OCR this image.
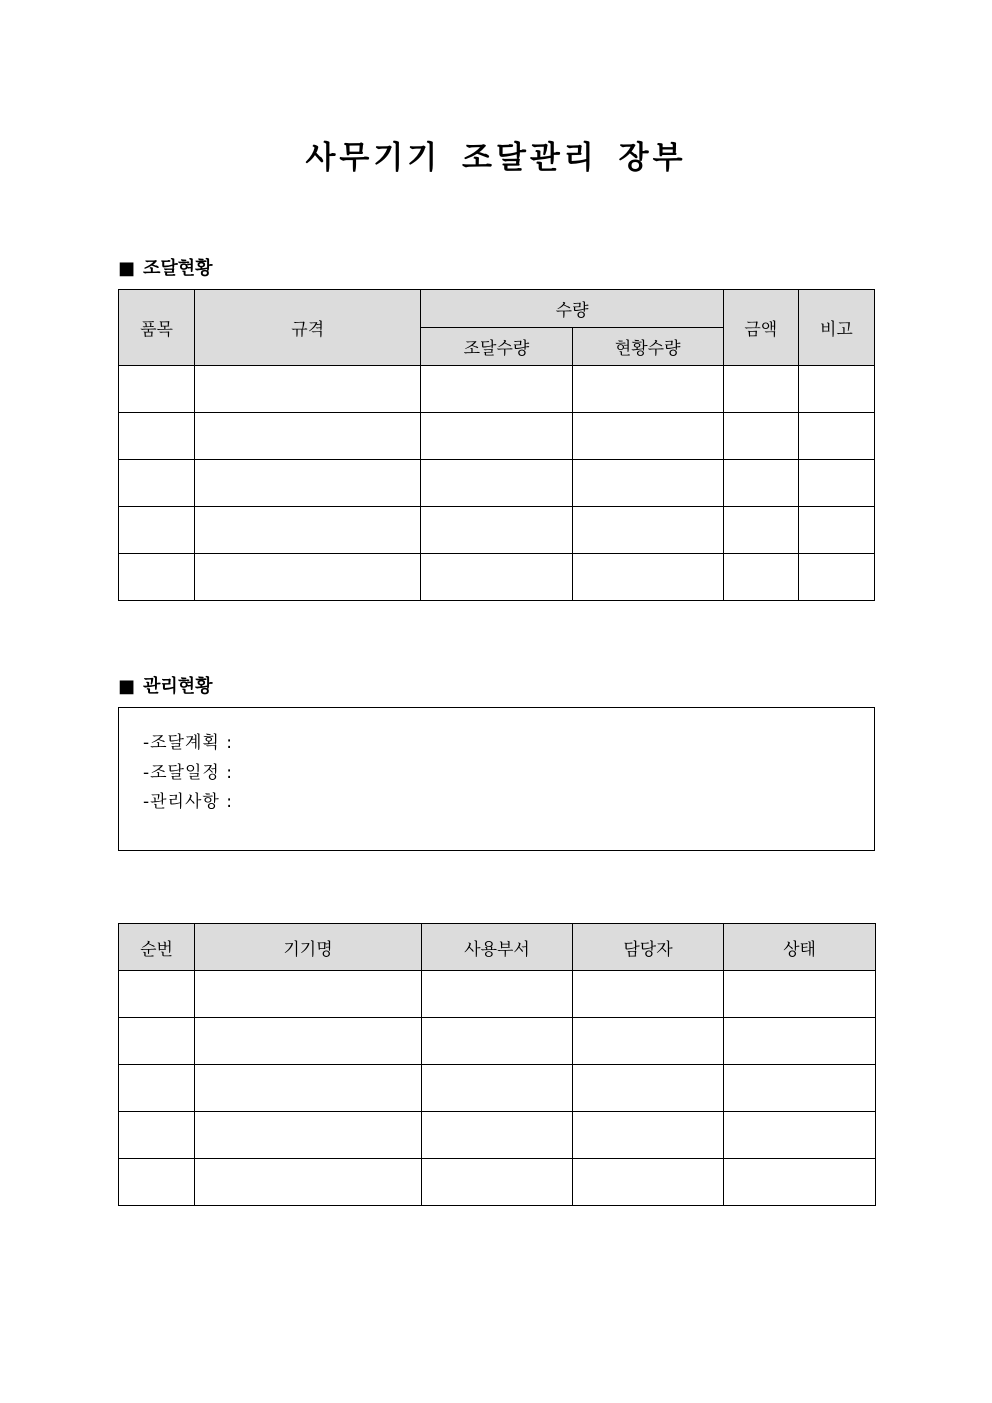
사무기기 조달관리 장부
■ 조달현황
품목	규격	수량		금액	비고
		조달수량	현황수량		

■ 관리현황
-조달계획 :
-조달일정 :
-관리사항 :
순번	기기명	사용부서	담당자	상태
